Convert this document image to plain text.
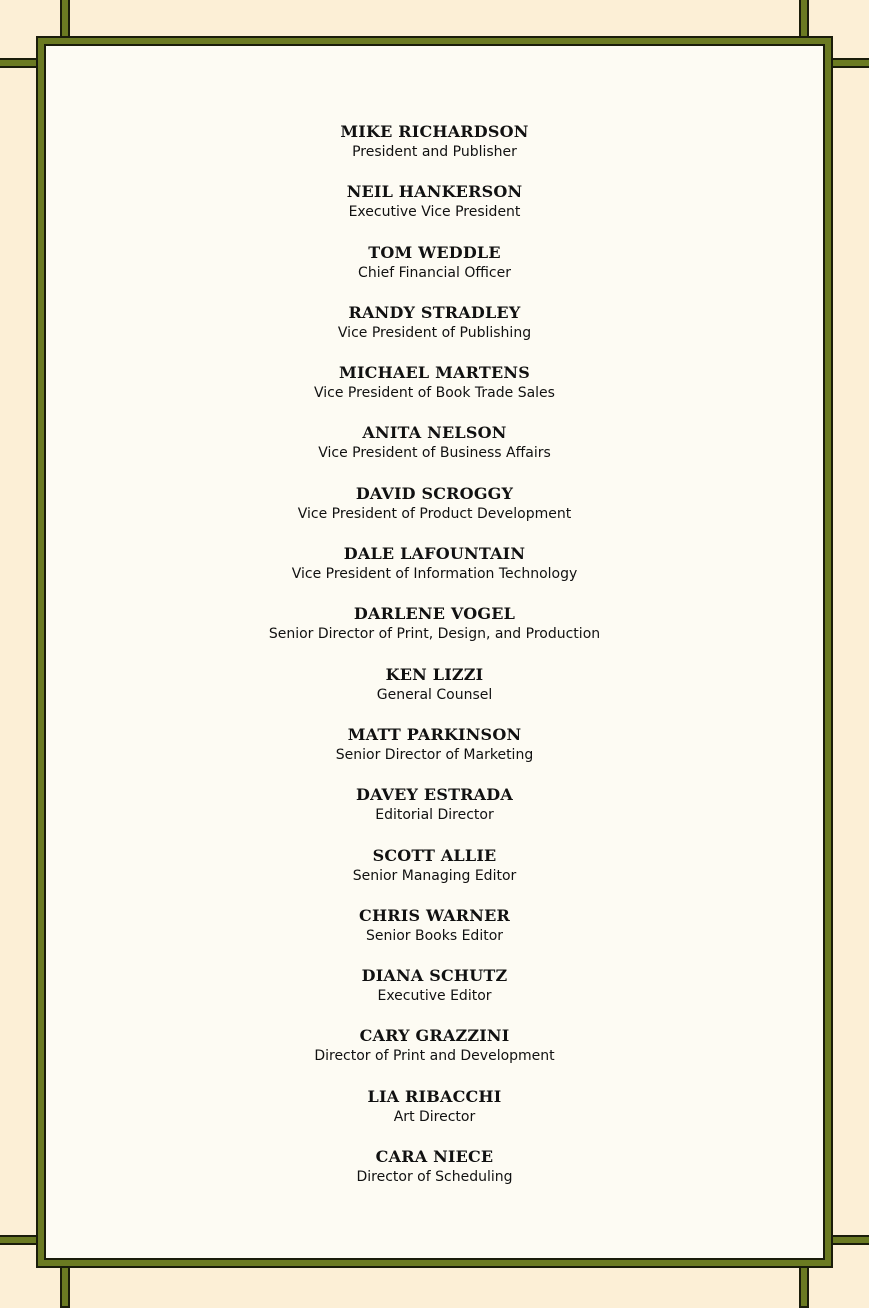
MIKE RICHARDSON
President and Publisher
NEIL HANKERSON
Executive Vice President
TOM WEDDLE
Chief Financial Officer
RANDY STRADLEY
Vice President of Publishing
MICHAEL MARTENS
Vice President of Book Trade Sales
ANITA NELSON
Vice President of Business Affairs
DAVID SCROGGY
Vice President of Product Development
DALE LAFOUNTAIN
Vice President of Information Technology
DARLENE VOGEL
Senior Director of Print, Design, and Production
KEN LIZZI
General Counsel
MATT PARKINSON
Senior Director of Marketing
DAVEY ESTRADA
Editorial Director
SCOTT ALLIE
Senior Managing Editor
CHRIS WARNER
Senior Books Editor
DIANA SCHUTZ
Executive Editor
CARY GRAZZINI
Director of Print and Development
LIA RIBACCHI
Art Director
CARA NIECE
Director of Scheduling
